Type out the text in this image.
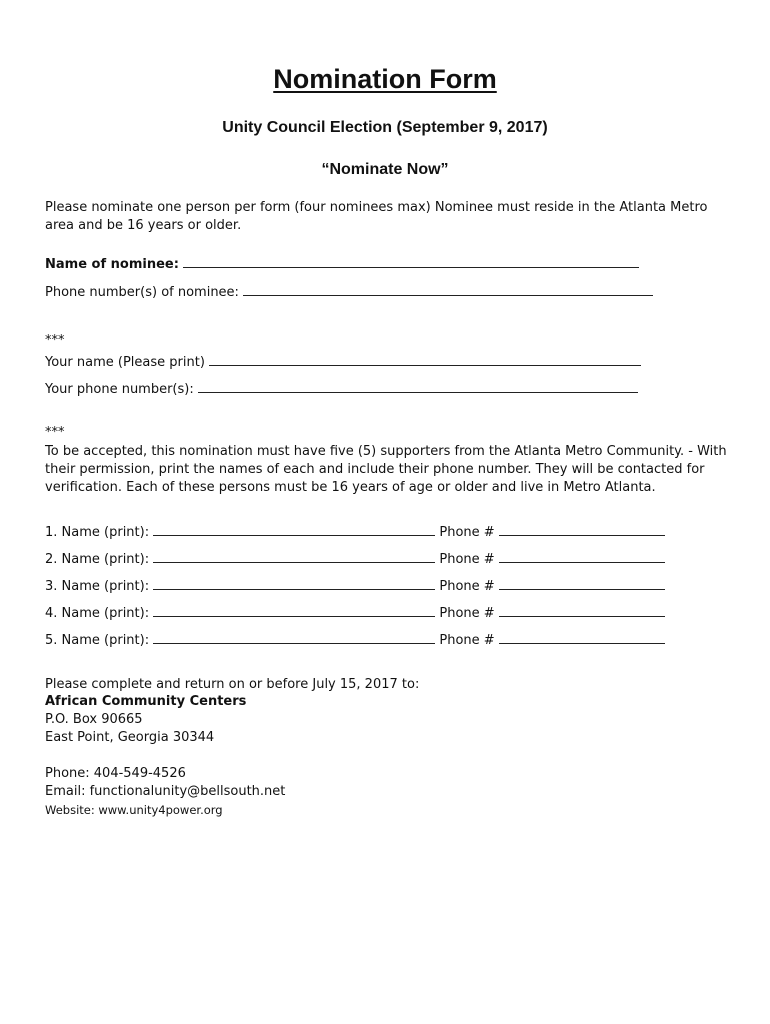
Nomination Form
Unity Council Election (September 9, 2017)
“Nominate Now”
Please nominate one person per form (four nominees max) Nominee must reside in the Atlanta Metro area and be 16 years or older.
Name of nominee:
Phone number(s) of nominee:
***
Your name (Please print)
Your phone number(s):
***
To be accepted, this nomination must have five (5) supporters from the Atlanta Metro Community. - With their permission, print the names of each and include their phone number. They will be contacted for verification. Each of these persons must be 16 years of age or older and live in Metro Atlanta.
1. Name (print):	Phone #
2. Name (print):	Phone #
3. Name (print):	Phone #
4. Name (print):	Phone #
5. Name (print):	Phone #
Please complete and return on or before July 15, 2017 to:
African Community Centers
P.O. Box 90665
East Point, Georgia 30344
Phone: 404-549-4526
Email: functionalunity@bellsouth.net
Website: www.unity4power.org
